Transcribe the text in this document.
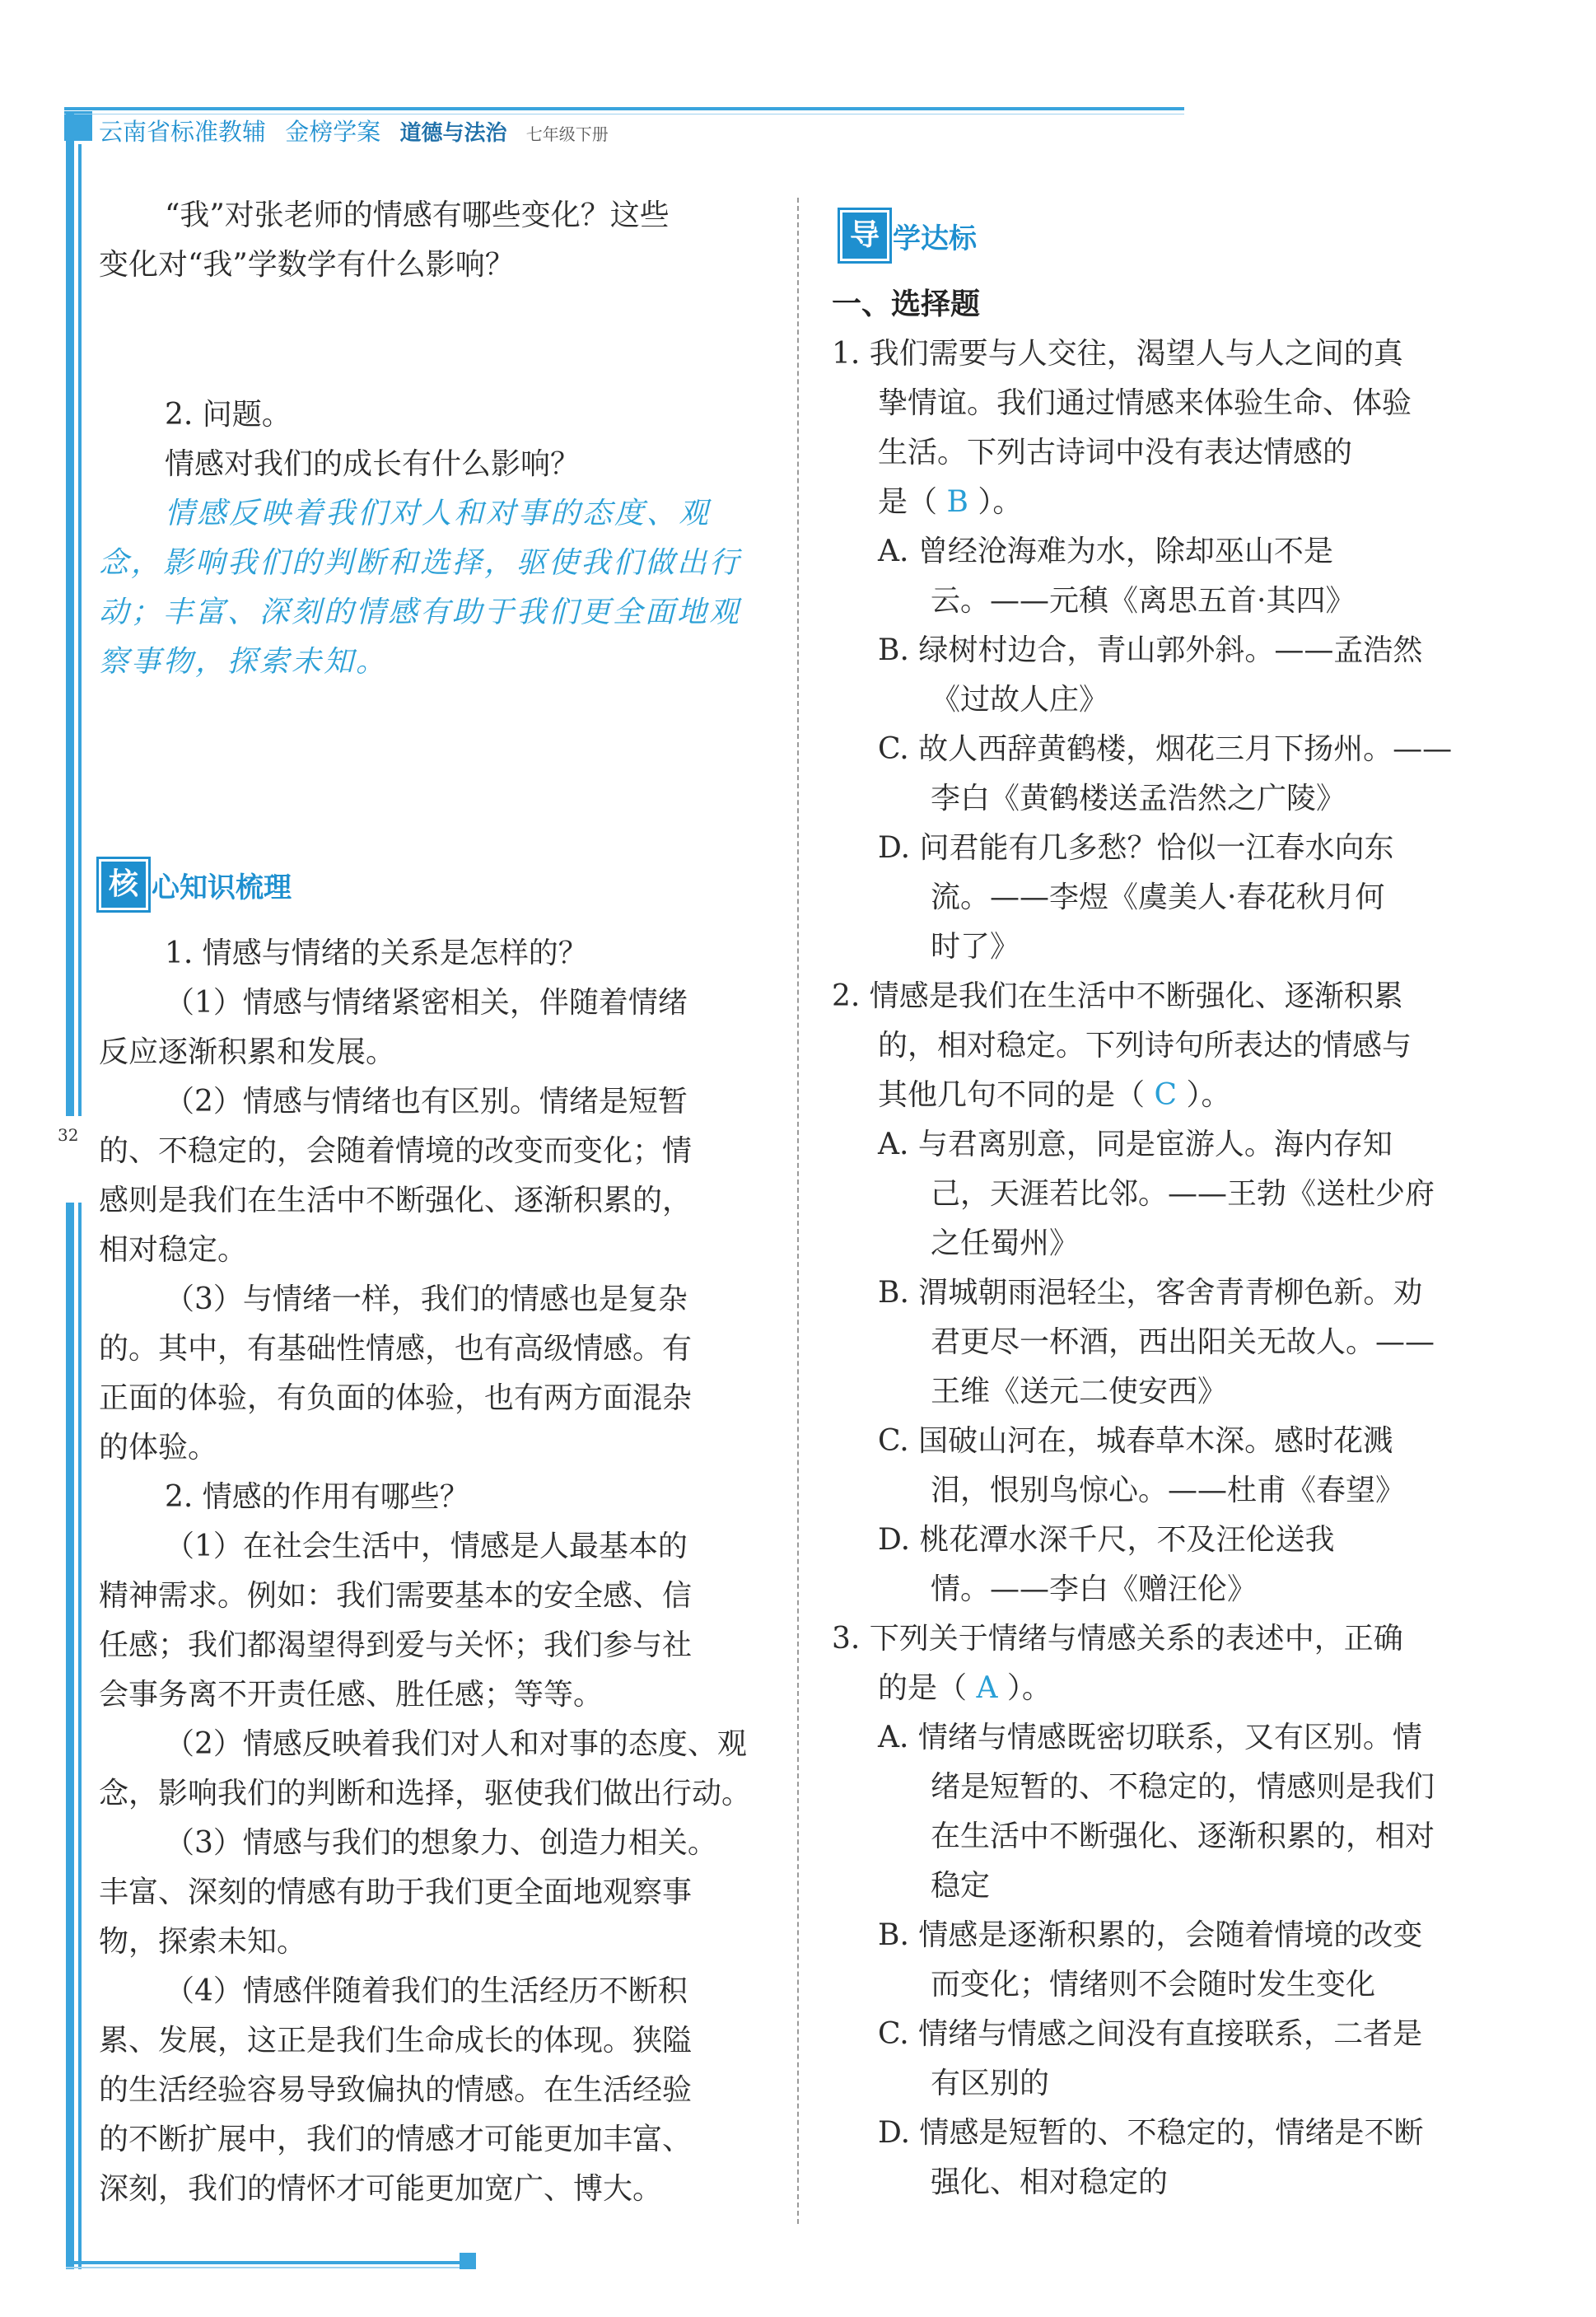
云南省标准教辅 金榜学案 道德与法治 七年级下册
32

“我”对张老师的情感有哪些变化？这些

变化对“我”学数学有什么影响？

2. 问题。

情感对我们的成长有什么影响？

情感反映着我们对人和对事的态度、观

念，影响我们的判断和选择，驱使我们做出行

动；丰富、深刻的情感有助于我们更全面地观

察事物，探索未知。

核 心知识梳理

1. 情感与情绪的关系是怎样的？

（1）情感与情绪紧密相关，伴随着情绪

反应逐渐积累和发展。

（2）情感与情绪也有区别。情绪是短暂

的、不稳定的，会随着情境的改变而变化；情

感则是我们在生活中不断强化、逐渐积累的，

相对稳定。

（3）与情绪一样，我们的情感也是复杂

的。其中，有基础性情感，也有高级情感。有

正面的体验，有负面的体验，也有两方面混杂

的体验。

2. 情感的作用有哪些？

（1）在社会生活中，情感是人最基本的

精神需求。例如：我们需要基本的安全感、信

任感；我们都渴望得到爱与关怀；我们参与社

会事务离不开责任感、胜任感；等等。

（2）情感反映着我们对人和对事的态度、观

念，影响我们的判断和选择，驱使我们做出行动。

（3）情感与我们的想象力、创造力相关。

丰富、深刻的情感有助于我们更全面地观察事

物，探索未知。

（4）情感伴随着我们的生活经历不断积

累、发展，这正是我们生命成长的体现。狭隘

的生活经验容易导致偏执的情感。在生活经验

的不断扩展中，我们的情感才可能更加丰富、

深刻，我们的情怀才可能更加宽广、博大。

导 学达标

一、选择题

1. 我们需要与人交往，渴望人与人之间的真

挚情谊。我们通过情感来体验生命、体验

生活。下列古诗词中没有表达情感的

是（ B ）。

A. 曾经沧海难为水，除却巫山不是

云。——元稹《离思五首·其四》

B. 绿树村边合，青山郭外斜。——孟浩然

《过故人庄》

C. 故人西辞黄鹤楼，烟花三月下扬州。——

李白《黄鹤楼送孟浩然之广陵》

D. 问君能有几多愁？恰似一江春水向东

流。——李煜《虞美人·春花秋月何

时了》

2. 情感是我们在生活中不断强化、逐渐积累

的，相对稳定。下列诗句所表达的情感与

其他几句不同的是（ C ）。

A. 与君离别意，同是宦游人。海内存知

己，天涯若比邻。——王勃《送杜少府

之任蜀州》

B. 渭城朝雨浥轻尘，客舍青青柳色新。劝

君更尽一杯酒，西出阳关无故人。——

王维《送元二使安西》

C. 国破山河在，城春草木深。感时花溅

泪，恨别鸟惊心。——杜甫《春望》

D. 桃花潭水深千尺，不及汪伦送我

情。——李白《赠汪伦》

3. 下列关于情绪与情感关系的表述中，正确

的是（ A ）。

A. 情绪与情感既密切联系，又有区别。情

绪是短暂的、不稳定的，情感则是我们

在生活中不断强化、逐渐积累的，相对

稳定

B. 情感是逐渐积累的，会随着情境的改变

而变化；情绪则不会随时发生变化

C. 情绪与情感之间没有直接联系，二者是

有区别的

D. 情感是短暂的、不稳定的，情绪是不断

强化、相对稳定的
